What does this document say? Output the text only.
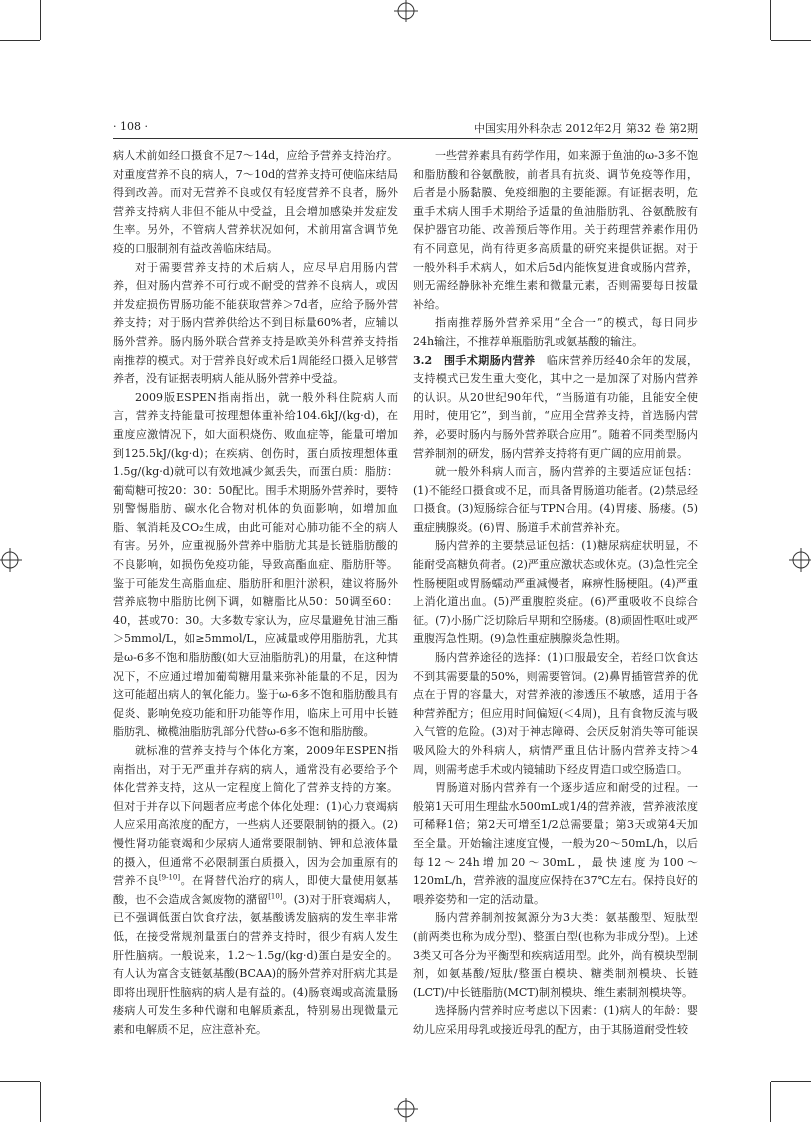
· 108 ·	中国实用外科杂志 2012年2月 第32 卷 第2期

病人术前如经口摄食不足7～14d，应给予营养支持治疗。对重度营养不良的病人，7～10d的营养支持可使临床结局得到改善。而对无营养不良或仅有轻度营养不良者，肠外营养支持病人非但不能从中受益，且会增加感染并发症发生率。另外，不管病人营养状况如何，术前用富含调节免疫的口服制剂有益改善临床结局。

对于需要营养支持的术后病人，应尽早启用肠内营养，但对肠内营养不可行或不耐受的营养不良病人，或因并发症损伤胃肠功能不能获取营养＞7d者，应给予肠外营养支持；对于肠内营养供给达不到目标量60%者，应辅以肠外营养。肠内肠外联合营养支持是欧美外科营养支持指南推荐的模式。对于营养良好或术后1周能经口摄入足够营养者，没有证据表明病人能从肠外营养中受益。

2009版ESPEN指南指出，就一般外科住院病人而言，营养支持能量可按理想体重补给104.6kJ/(kg·d)，在重度应激情况下，如大面积烧伤、败血症等，能量可增加到125.5kJ/(kg·d)；在疾病、创伤时，蛋白质按理想体重1.5g/(kg·d)就可以有效地减少氮丢失，而蛋白质：脂肪：葡萄糖可按20：30：50配比。围手术期肠外营养时，要特别警惕脂肪、碳水化合物对机体的负面影响，如增加血脂、氧消耗及CO₂生成，由此可能对心肺功能不全的病人有害。另外，应重视肠外营养中脂肪尤其是长链脂肪酸的不良影响，如损伤免疫功能，导致高酯血症、脂肪肝等。鉴于可能发生高脂血症、脂肪肝和胆汁淤积，建议将肠外营养底物中脂肪比例下调，如糖脂比从50：50调至60：40，甚或70：30。大多数专家认为，应尽量避免甘油三酯＞5mmol/L，如≥5mmol/L，应减量或停用脂肪乳，尤其是ω-6多不饱和脂肪酸(如大豆油脂肪乳)的用量，在这种情况下，不应通过增加葡萄糖用量来弥补能量的不足，因为这可能超出病人的氧化能力。鉴于ω-6多不饱和脂肪酸具有促炎、影响免疫功能和肝功能等作用，临床上可用中长链脂肪乳、橄榄油脂肪乳部分代替ω-6多不饱和脂肪酸。

就标准的营养支持与个体化方案，2009年ESPEN指南指出，对于无严重并存病的病人，通常没有必要给予个体化营养支持，这从一定程度上简化了营养支持的方案。但对于并存以下问题者应考虑个体化处理：(1)心力衰竭病人应采用高浓度的配方，一些病人还要限制钠的摄入。(2)慢性肾功能衰竭和少尿病人通常要限制钠、钾和总液体量的摄入，但通常不必限制蛋白质摄入，因为会加重原有的营养不良[9-10]。在肾替代治疗的病人，即使大量使用氨基酸，也不会造成含氮废物的潴留[10]。(3)对于肝衰竭病人，已不强调低蛋白饮食疗法，氨基酸诱发脑病的发生率非常低，在接受常规剂量蛋白的营养支持时，很少有病人发生肝性脑病。一般说来，1.2～1.5g/(kg·d)蛋白是安全的。有人认为富含支链氨基酸(BCAA)的肠外营养对肝病尤其是即将出现肝性脑病的病人是有益的。(4)肠衰竭或高流量肠瘘病人可发生多种代谢和电解质紊乱，特别易出现微量元素和电解质不足，应注意补充。

一些营养素具有药学作用，如来源于鱼油的ω-3多不饱和脂肪酸和谷氨酰胺，前者具有抗炎、调节免疫等作用，后者是小肠黏膜、免疫细胞的主要能源。有证据表明，危重手术病人围手术期给予适量的鱼油脂肪乳、谷氨酰胺有保护器官功能、改善预后等作用。关于药理营养素作用仍有不同意见，尚有待更多高质量的研究来提供证据。对于一般外科手术病人，如术后5d内能恢复进食或肠内营养，则无需经静脉补充维生素和微量元素，否则需要每日按量补给。

指南推荐肠外营养采用“全合一”的模式，每日同步24h输注，不推荐单瓶脂肪乳或氨基酸的输注。

3.2　围手术期肠内营养　临床营养历经40余年的发展，支持模式已发生重大变化，其中之一是加深了对肠内营养的认识。从20世纪90年代，“当肠道有功能，且能安全使用时，使用它”，到当前，“应用全营养支持，首选肠内营养，必要时肠内与肠外营养联合应用”。随着不同类型肠内营养制剂的研发，肠内营养支持将有更广阔的应用前景。

就一般外科病人而言，肠内营养的主要适应证包括：(1)不能经口摄食或不足，而具备胃肠道功能者。(2)禁忌经口摄食。(3)短肠综合征与TPN合用。(4)胃瘘、肠瘘。(5)重症胰腺炎。(6)胃、肠道手术前营养补充。

肠内营养的主要禁忌证包括：(1)糖尿病症状明显，不能耐受高糖负荷者。(2)严重应激状态或休克。(3)急性完全性肠梗阻或胃肠蠕动严重减慢者，麻痹性肠梗阻。(4)严重上消化道出血。(5)严重腹腔炎症。(6)严重吸收不良综合征。(7)小肠广泛切除后早期和空肠瘘。(8)顽固性呕吐或严重腹泻急性期。(9)急性重症胰腺炎急性期。

肠内营养途径的选择：(1)口服最安全，若经口饮食达不到其需要量的50%，则需要管饲。(2)鼻胃插管营养的优点在于胃的容量大，对营养液的渗透压不敏感，适用于各种营养配方；但应用时间偏短(＜4周)，且有食物反流与吸入气管的危险。(3)对于神志障碍、会厌反射消失等可能误吸风险大的外科病人，病情严重且估计肠内营养支持＞4周，则需考虑手术或内镜辅助下经皮胃造口或空肠造口。

胃肠道对肠内营养有一个逐步适应和耐受的过程。一般第1天可用生理盐水500mL或1/4的营养液，营养液浓度可稀释1倍；第2天可增至1/2总需要量；第3天或第4天加至全量。开始输注速度宜慢，一般为20～50mL/h，以后每12～24h增加20～30mL，最快速度为100～120mL/h，营养液的温度应保持在37℃左右。保持良好的喂养姿势和一定的活动量。

肠内营养制剂按氮源分为3大类：氨基酸型、短肽型(前两类也称为成分型)、整蛋白型(也称为非成分型)。上述3类又可各分为平衡型和疾病适用型。此外，尚有模块型制剂，如氨基酸/短肽/整蛋白模块、糖类制剂模块、长链(LCT)/中长链脂肪(MCT)制剂模块、维生素制剂模块等。

选择肠内营养时应考虑以下因素：(1)病人的年龄：婴幼儿应采用母乳或接近母乳的配方，由于其肠道耐受性较
